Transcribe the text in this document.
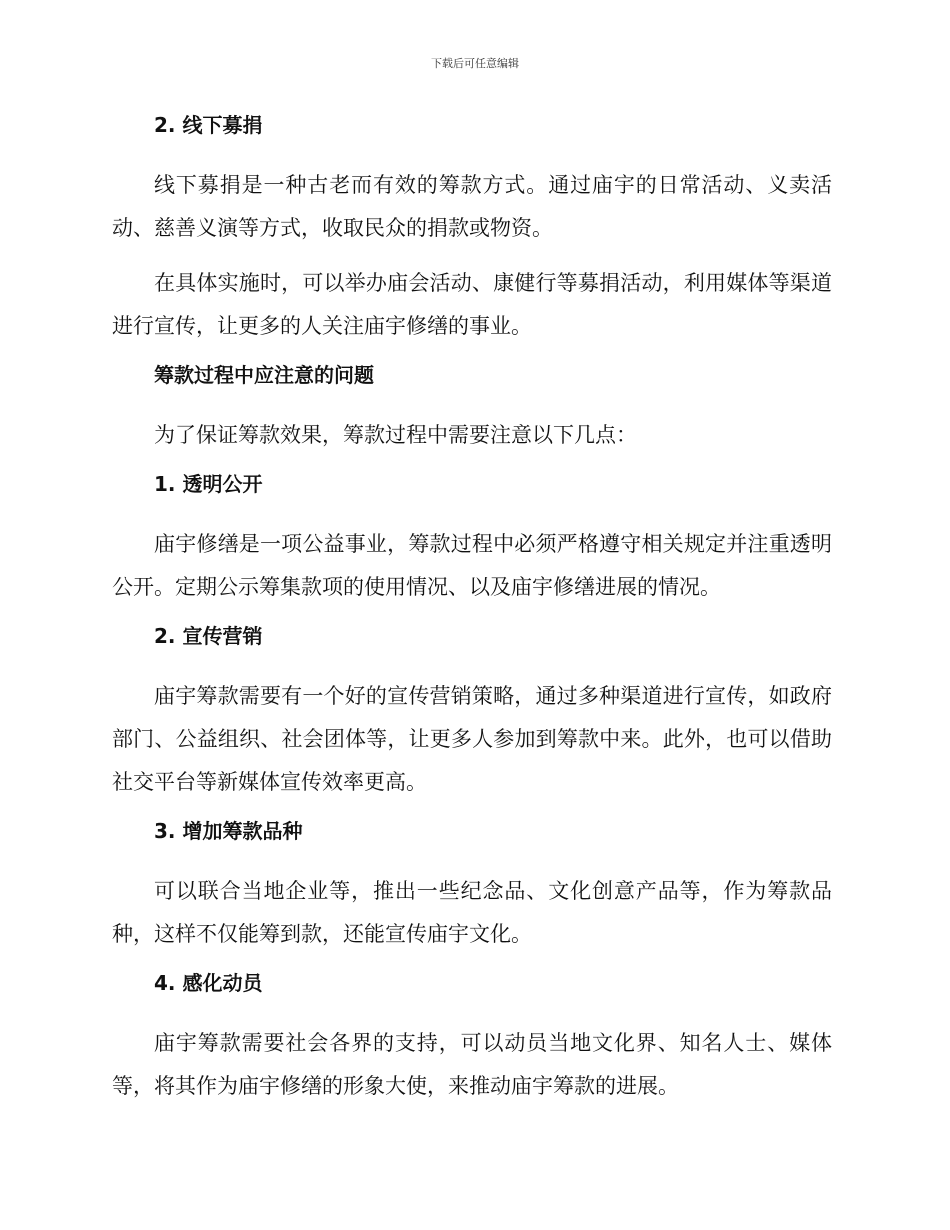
下载后可任意编辑
2. 线下募捐

线下募捐是一种古老而有效的筹款方式。通过庙宇的日常活动、义卖活动、慈善义演等方式，收取民众的捐款或物资。

在具体实施时，可以举办庙会活动、康健行等募捐活动，利用媒体等渠道进行宣传，让更多的人关注庙宇修缮的事业。

筹款过程中应注意的问题

为了保证筹款效果，筹款过程中需要注意以下几点：

1. 透明公开

庙宇修缮是一项公益事业，筹款过程中必须严格遵守相关规定并注重透明公开。定期公示筹集款项的使用情况、以及庙宇修缮进展的情况。

2. 宣传营销

庙宇筹款需要有一个好的宣传营销策略，通过多种渠道进行宣传，如政府部门、公益组织、社会团体等，让更多人参加到筹款中来。此外，也可以借助社交平台等新媒体宣传效率更高。

3. 增加筹款品种

可以联合当地企业等，推出一些纪念品、文化创意产品等，作为筹款品种，这样不仅能筹到款，还能宣传庙宇文化。

4. 感化动员

庙宇筹款需要社会各界的支持，可以动员当地文化界、知名人士、媒体等，将其作为庙宇修缮的形象大使，来推动庙宇筹款的进展。
